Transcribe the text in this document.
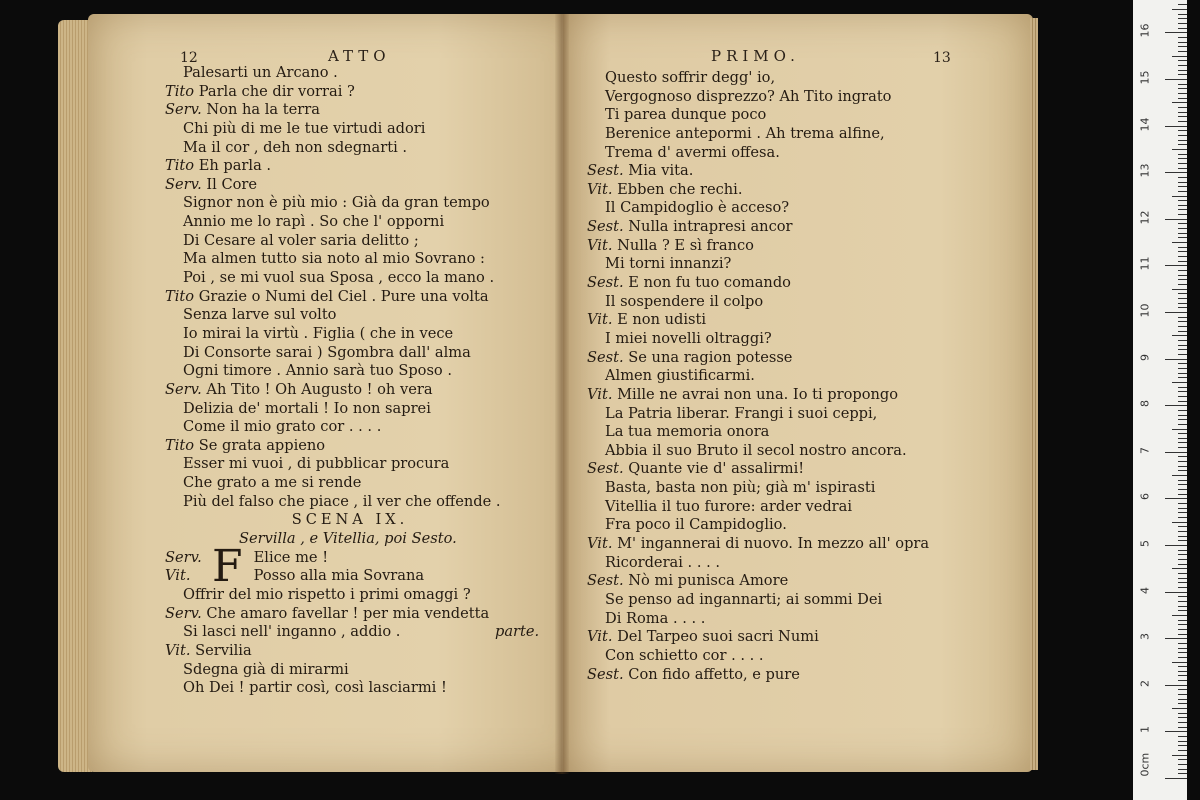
12	ATTO
Palesarti un Arcano .
Tito Parla che dir vorrai ?
Serv. Non ha la terra
Chi più di me le tue virtudi adori
Ma il cor , deh non sdegnarti .
Tito Eh parla .
Serv. Il Core
Signor non è più mio : Già da gran tempo
Annio me lo rapì . So che l' opporni
Di Cesare al voler saria delitto ;
Ma almen tutto sia noto al mio Sovrano :
Poi , se mi vuol sua Sposa , ecco la mano .
Tito Grazie o Numi del Ciel . Pure una volta
Senza larve sul volto
Io mirai la virtù . Figlia ( che in vece
Di Consorte sarai ) Sgombra dall' alma
Ogni timore . Annio sarà tuo Sposo .
Serv. Ah Tito ! Oh Augusto ! oh vera
Delizia de' mortali ! Io non saprei
Come il mio grato cor . . . .
Tito Se grata appieno
Esser mi vuoi , di pubblicar procura
Che grato a me si rende
Più del falso che piace , il ver che offende .
SCENA IX.
Servilla , e Vitellia, poi Sesto.
Serv.	Elice me !
Vit.	Posso alla mia Sovrana
Offrir del mio rispetto i primi omaggi ?
Serv. Che amaro favellar ! per mia vendetta
Si lasci nell' inganno , addio .	parte.
Vit. Servilia
Sdegna già di mirarmi
Oh Dei ! partir così, così lasciarmi !
F
PRIMO.	13
Questo soffrir degg' io,
Vergognoso disprezzo? Ah Tito ingrato
Ti parea dunque poco
Berenice antepormi . Ah trema alfine,
Trema d' avermi offesa.
Sest. Mia vita.
Vit. Ebben che rechi.
Il Campidoglio è acceso?
Sest. Nulla intrapresi ancor
Vit. Nulla ? E sì franco
Mi torni innanzi?
Sest. E non fu tuo comando
Il sospendere il colpo
Vit. E non udisti
I miei novelli oltraggi?
Sest. Se una ragion potesse
Almen giustificarmi.
Vit. Mille ne avrai non una. Io ti propongo
La Patria liberar. Frangi i suoi ceppi,
La tua memoria onora
Abbia il suo Bruto il secol nostro ancora.
Sest. Quante vie d' assalirmi!
Basta, basta non più; già m' ispirasti
Vitellia il tuo furore: arder vedrai
Fra poco il Campidoglio.
Vit. M' ingannerai di nuovo. In mezzo all' opra
Ricorderai . . . .
Sest. Nò mi punisca Amore
Se penso ad ingannarti; ai sommi Dei
Di Roma . . . .
Vit. Del Tarpeo suoi sacri Numi
Con schietto cor . . . .
Sest. Con fido affetto, e pure
0cm
1
2
3
4
5
6
7
8
9
10
11
12
13
14
15
16
